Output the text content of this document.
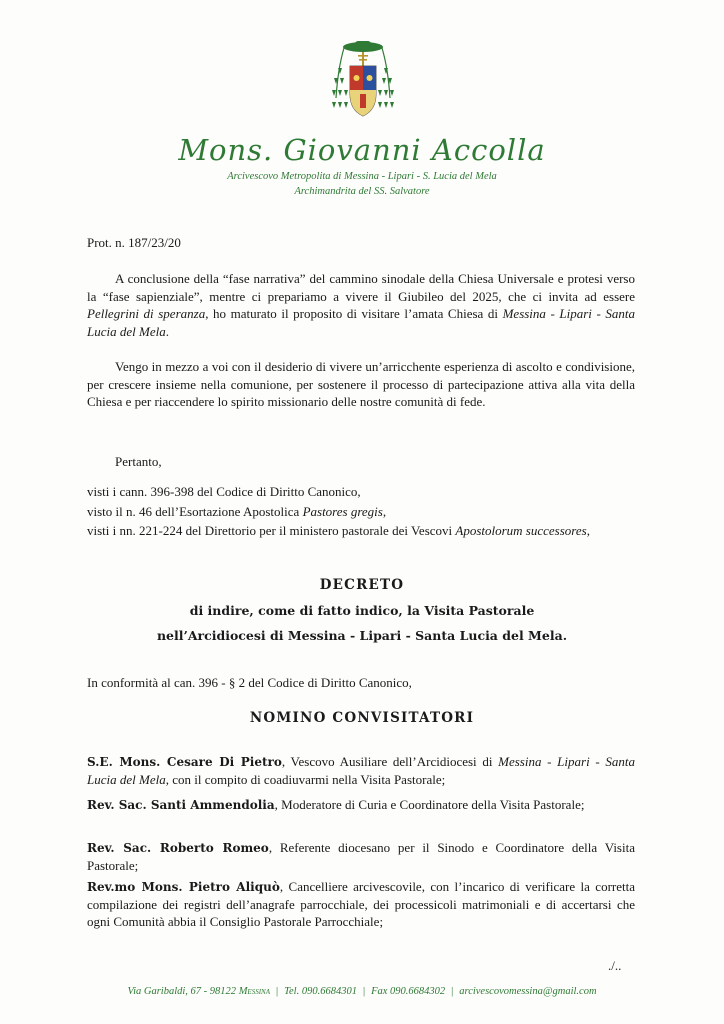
Mons. Giovanni Accolla
Arcivescovo Metropolita di Messina - Lipari - S. Lucia del Mela
Archimandrita del SS. Salvatore
Prot. n. 187/23/20

A conclusione della “fase narrativa” del cammino sinodale della Chiesa Universale e protesi verso la “fase sapienziale”, mentre ci prepariamo a vivere il Giubileo del 2025, che ci invita ad essere Pellegrini di speranza, ho maturato il proposito di visitare l’amata Chiesa di Messina - Lipari - Santa Lucia del Mela.

Vengo in mezzo a voi con il desiderio di vivere un’arricchente esperienza di ascolto e condivisione, per crescere insieme nella comunione, per sostenere il processo di partecipazione attiva alla vita della Chiesa e per riaccendere lo spirito missionario delle nostre comunità di fede.

Pertanto,
visti i cann. 396-398 del Codice di Diritto Canonico,
visto il n. 46 dell’Esortazione Apostolica Pastores gregis,
visti i nn. 221-224 del Direttorio per il ministero pastorale dei Vescovi Apostolorum successores,
DECRETO
di indire, come di fatto indico, la Visita Pastorale
nell’Arcidiocesi di Messina - Lipari - Santa Lucia del Mela.
In conformità al can. 396 - § 2 del Codice di Diritto Canonico,
NOMINO CONVISITATORI

S.E. Mons. Cesare Di Pietro, Vescovo Ausiliare dell’Arcidiocesi di Messina - Lipari - Santa Lucia del Mela, con il compito di coadiuvarmi nella Visita Pastorale;

Rev. Sac. Santi Ammendolia, Moderatore di Curia e Coordinatore della Visita Pastorale;

Rev. Sac. Roberto Romeo, Referente diocesano per il Sinodo e Coordinatore della Visita Pastorale;

Rev.mo Mons. Pietro Aliquò, Cancelliere arcivescovile, con l’incarico di verificare la corretta compilazione dei registri dell’anagrafe parrocchiale, dei processicoli matrimoniali e di accertarsi che ogni Comunità abbia il Consiglio Pastorale Parrocchiale;

./..
Via Garibaldi, 67 - 98122 Messina | Tel. 090.6684301 | Fax 090.6684302 | arcivescovomessina@gmail.com
